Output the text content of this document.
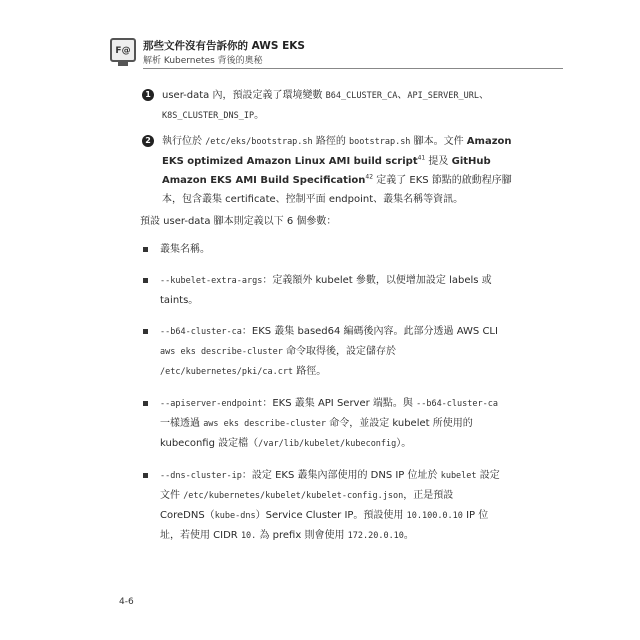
F@	那些文件沒有告訴你的 AWS EKS
解析 Kubernetes 背後的奧秘
1	user-data 內，預設定義了環境變數 B64_CLUSTER_CA、API_SERVER_URL、K8S_CLUSTER_DNS_IP。
2	執行位於 /etc/eks/bootstrap.sh 路徑的 bootstrap.sh 腳本。文件 Amazon EKS optimized Amazon Linux AMI build script$^{41}$ 提及 GitHub Amazon EKS AMI Build Specification$^{42}$ 定義了 EKS 節點的啟動程序腳本，包含叢集 certificate、控制平面 endpoint、叢集名稱等資訊。
預設 user-data 腳本則定義以下 6 個參數：
叢集名稱。
--kubelet-extra-args：定義額外 kubelet 參數，以便增加設定 labels 或 taints。
--b64-cluster-ca：EKS 叢集 based64 編碼後內容。此部分透過 AWS CLI aws eks describe-cluster 命令取得後，設定儲存於 /etc/kubernetes/pki/ca.crt 路徑。
--apiserver-endpoint：EKS 叢集 API Server 端點。與 --b64-cluster-ca 一樣透過 aws eks describe-cluster 命令，並設定 kubelet 所使用的 kubeconfig 設定檔（/var/lib/kubelet/kubeconfig）。
--dns-cluster-ip：設定 EKS 叢集內部使用的 DNS IP 位址於 kubelet 設定文件 /etc/kubernetes/kubelet/kubelet-config.json，正是預設 CoreDNS（kube-dns）Service Cluster IP。預設使用 10.100.0.10 IP 位址，若使用 CIDR 10. 為 prefix 則會使用 172.20.0.10。
4-6
